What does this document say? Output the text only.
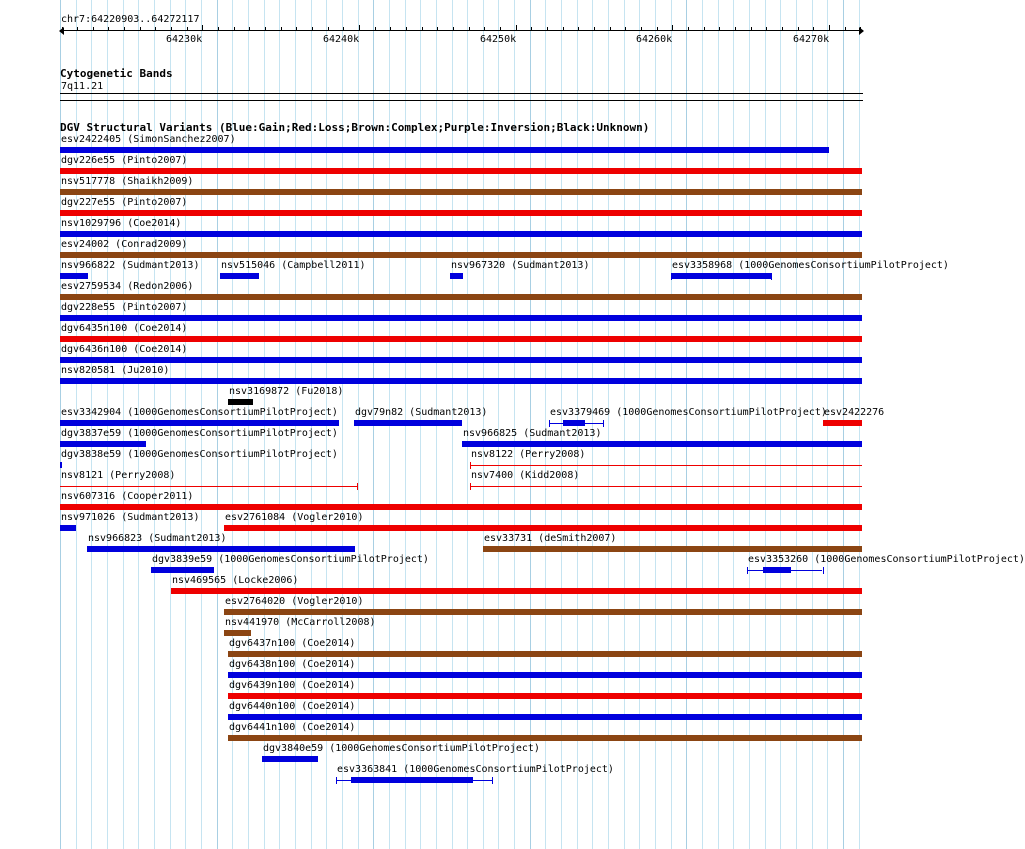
chr7:64220903..64272117
64230k	64240k	64250k	64260k	64270k
Cytogenetic Bands
7q11.21
DGV Structural Variants (Blue:Gain;Red:Loss;Brown:Complex;Purple:Inversion;Black:Unknown)
esv2422405 (SimonSanchez2007)
dgv226e55 (Pinto2007)
nsv517778 (Shaikh2009)
dgv227e55 (Pinto2007)
nsv1029796 (Coe2014)
esv24002 (Conrad2009)
nsv966822 (Sudmant2013) nsv515046 (Campbell2011)	nsv967320 (Sudmant2013)	esv3358968 (1000GenomesConsortiumPilotProject)
esv2759534 (Redon2006)
dgv228e55 (Pinto2007)
dgv6435n100 (Coe2014)
dgv6436n100 (Coe2014)
nsv820581 (Ju2010)
nsv3169872 (Fu2018)
esv3342904 (1000GenomesConsortiumPilotProject) dgv79n82 (Sudmant2013)	esv3379469 (1000GenomesConsortiumPilotProject)
esv2422276
dgv3837e59 (1000GenomesConsortiumPilotProject)	nsv966825 (Sudmant2013)
dgv3838e59 (1000GenomesConsortiumPilotProject)	nsv8122 (Perry2008)
nsv8121 (Perry2008)	nsv7400 (Kidd2008)
nsv607316 (Cooper2011)
nsv971026 (Sudmant2013)	esv2761084 (Vogler2010)
nsv966823 (Sudmant2013)	esv33731 (deSmith2007)
dgv3839e59 (1000GenomesConsortiumPilotProject)	esv3353260 (1000GenomesConsortiumPilotProject)
nsv469565 (Locke2006)
esv2764020 (Vogler2010)
nsv441970 (McCarroll2008)
dgv6437n100 (Coe2014)
dgv6438n100 (Coe2014)
dgv6439n100 (Coe2014)
dgv6440n100 (Coe2014)
dgv6441n100 (Coe2014)
dgv3840e59 (1000GenomesConsortiumPilotProject)
esv3363841 (1000GenomesConsortiumPilotProject)
